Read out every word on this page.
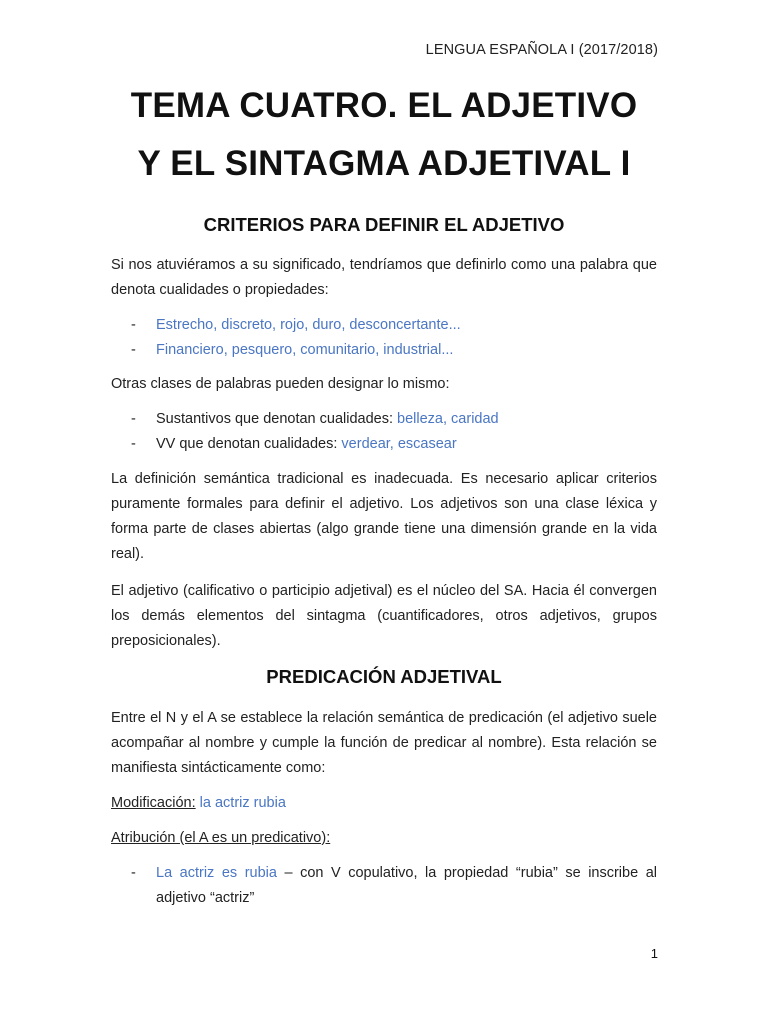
LENGUA ESPAÑOLA I (2017/2018)
TEMA CUATRO. EL ADJETIVO
Y EL SINTAGMA ADJETIVAL I
CRITERIOS PARA DEFINIR EL ADJETIVO

Si nos atuviéramos a su significado, tendríamos que definirlo como una palabra que denota cualidades o propiedades:

- Estrecho, discreto, rojo, duro, desconcertante...
- Financiero, pesquero, comunitario, industrial...

Otras clases de palabras pueden designar lo mismo:

- Sustantivos que denotan cualidades: belleza, caridad
- VV que denotan cualidades: verdear, escasear

La definición semántica tradicional es inadecuada. Es necesario aplicar criterios puramente formales para definir el adjetivo. Los adjetivos son una clase léxica y forma parte de clases abiertas (algo grande tiene una dimensión grande en la vida real).

El adjetivo (calificativo o participio adjetival) es el núcleo del SA. Hacia él convergen los demás elementos del sintagma (cuantificadores, otros adjetivos, grupos preposicionales).

PREDICACIÓN ADJETIVAL

Entre el N y el A se establece la relación semántica de predicación (el adjetivo suele acompañar al nombre y cumple la función de predicar al nombre). Esta relación se manifiesta sintácticamente como:

Modificación: la actriz rubia
Atribución (el A es un predicativo):
- La actriz es rubia – con V copulativo, la propiedad “rubia” se inscribe al adjetivo “actriz”
1
